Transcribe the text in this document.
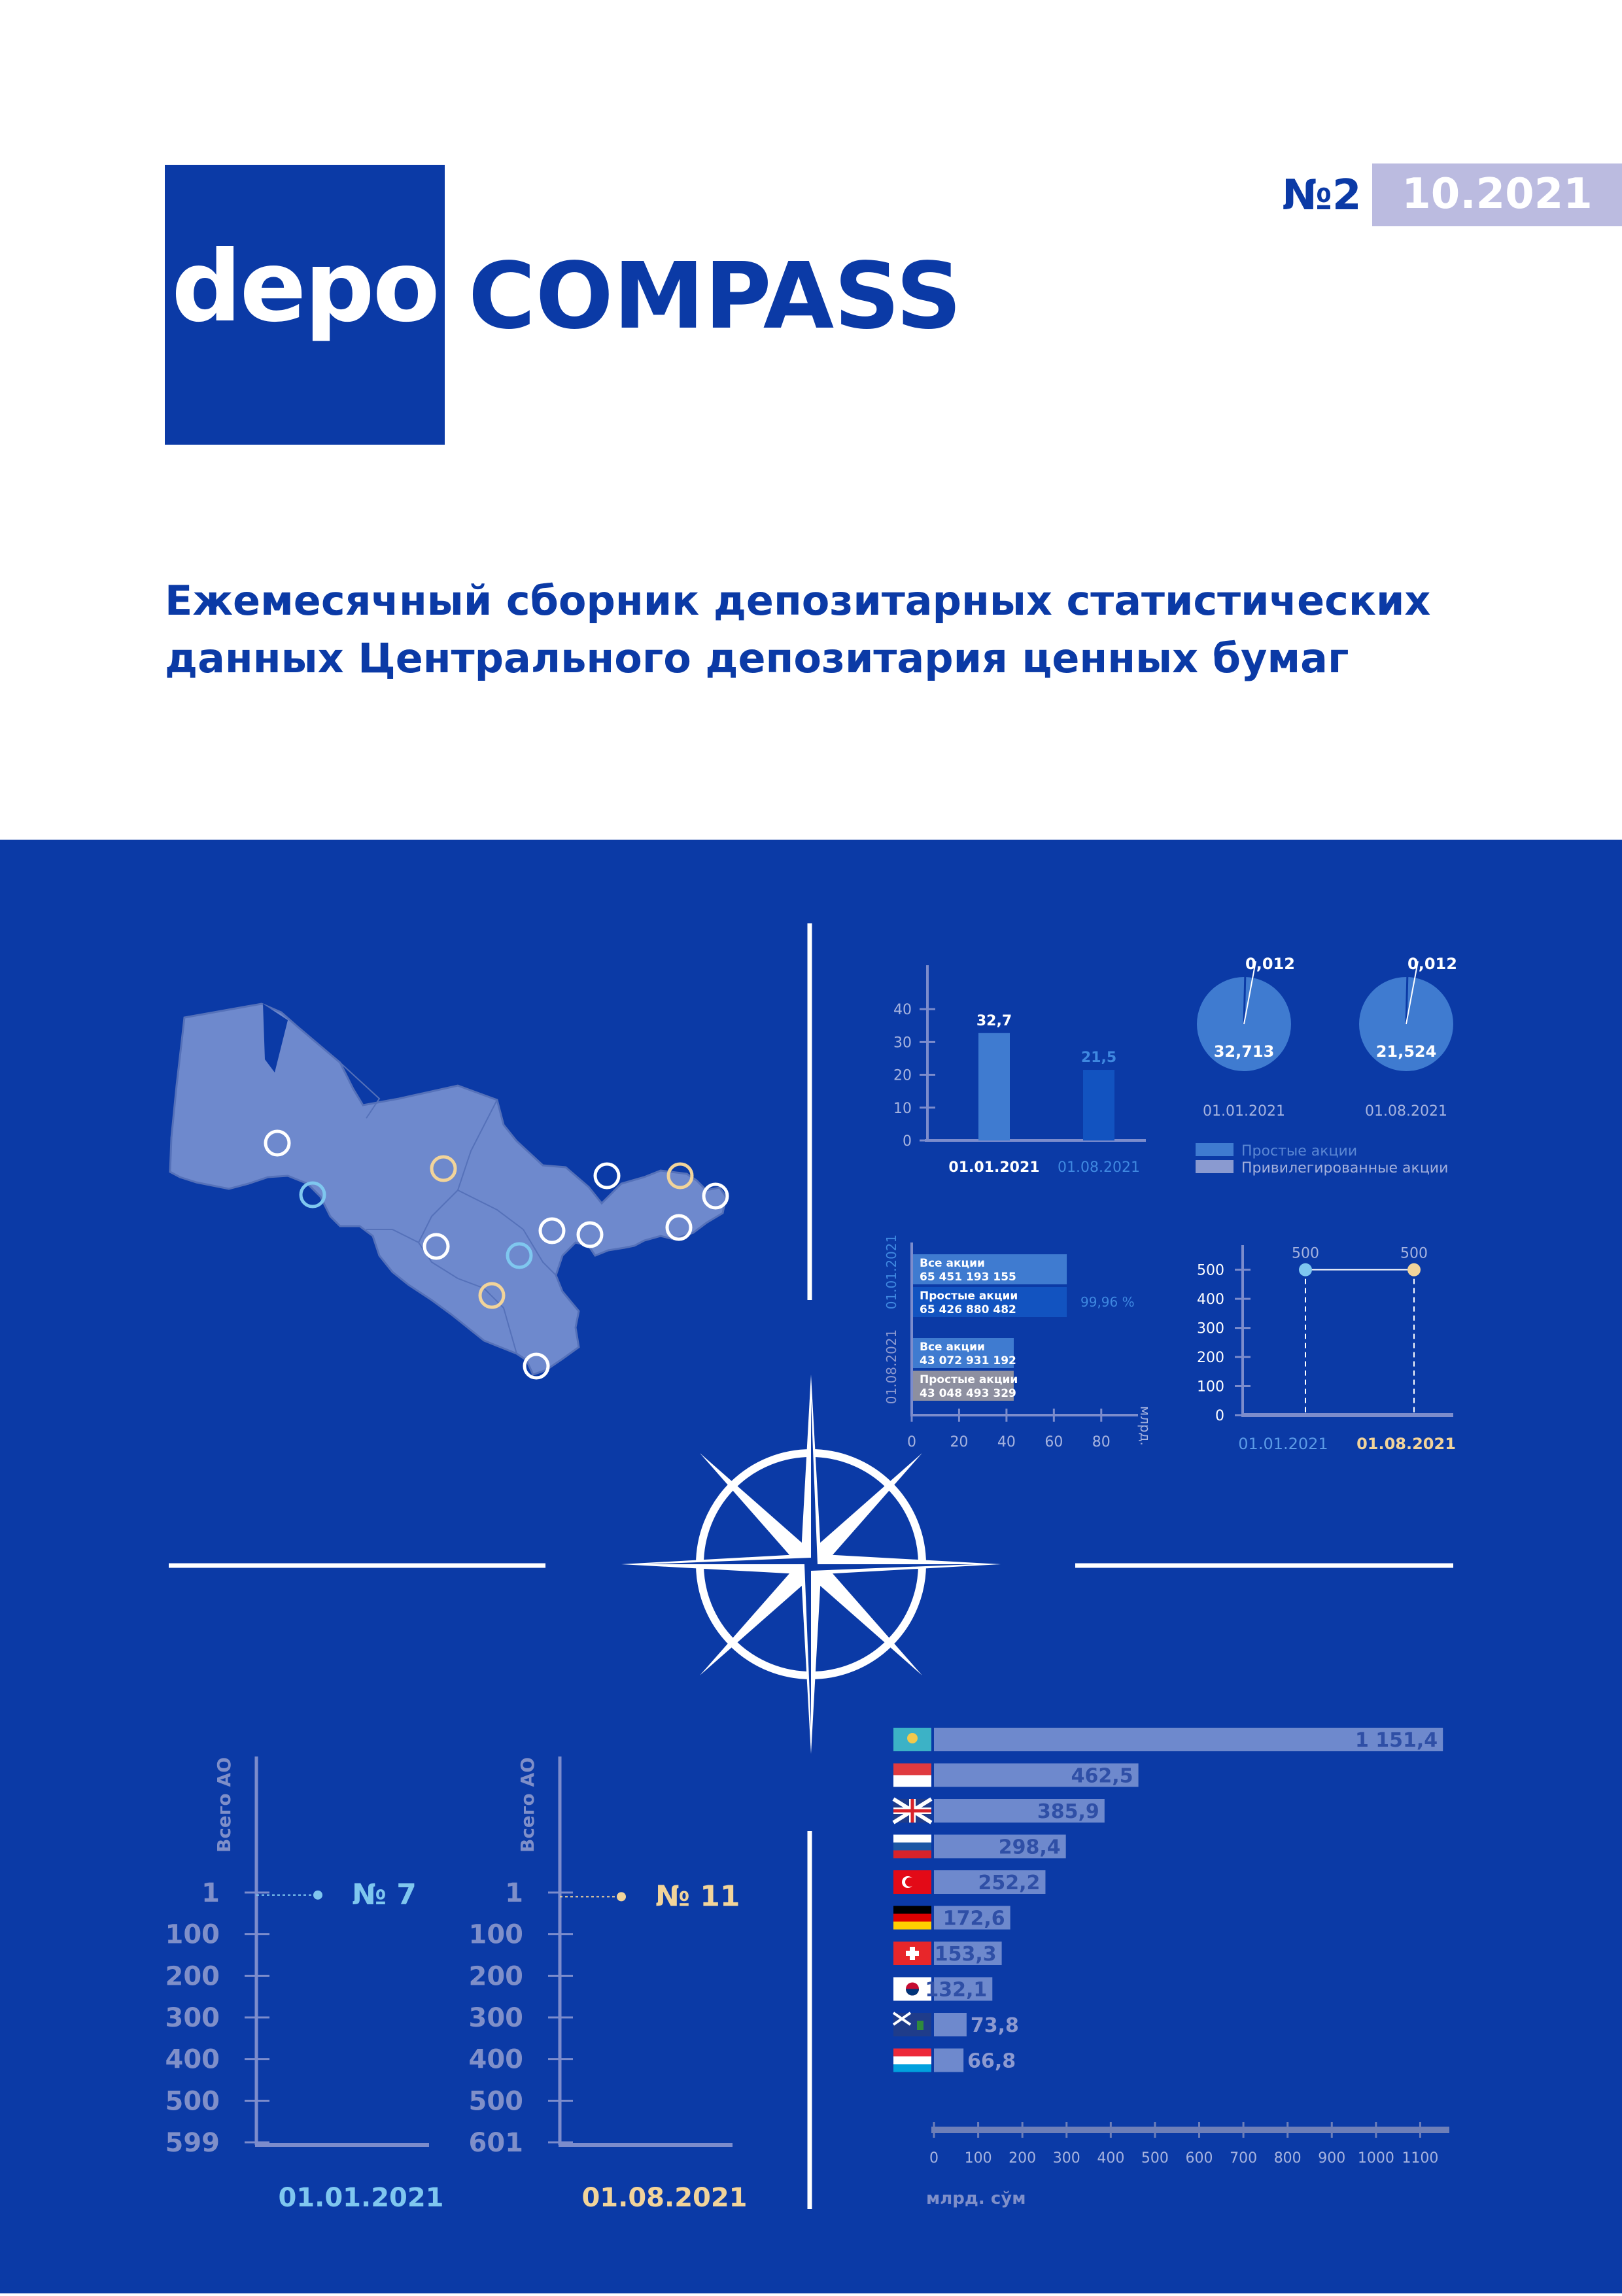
depo COMPASS
№2 10.2021
Ежемесячный сборник депозитарных статистических
данных Центрального депозитария ценных бумаг
0
10
20
30
40
32,7
01.01.2021
21,5
01.08.2021
0,012
32,713
01.01.2021
0,012
21,524
01.08.2021
Простые акции
Привилегированные акции
0 20 40 60 80 млрд.
01.01.2021 Все акции
65 451 193 155
Простые акции
65 426 880 482	99,96 %
01.08.2021 Все акции
43 072 931 192
Простые акции
43 048 493 329
0
100
200
300
400
500
500
01.01.2021
500
01.08.2021
Всего АО
1
100
200
300
400
500
599
№ 7
01.01.2021
Всего АО
1
100
200
300
400
500
601
№ 11
01.08.2021
1 151,4
462,5
385,9
298,4
252,2
172,6
153,3
132,1
73,8
66,8
0 100 200 300 400 500 600 700 800 900 1000 1100
млрд. сўм
